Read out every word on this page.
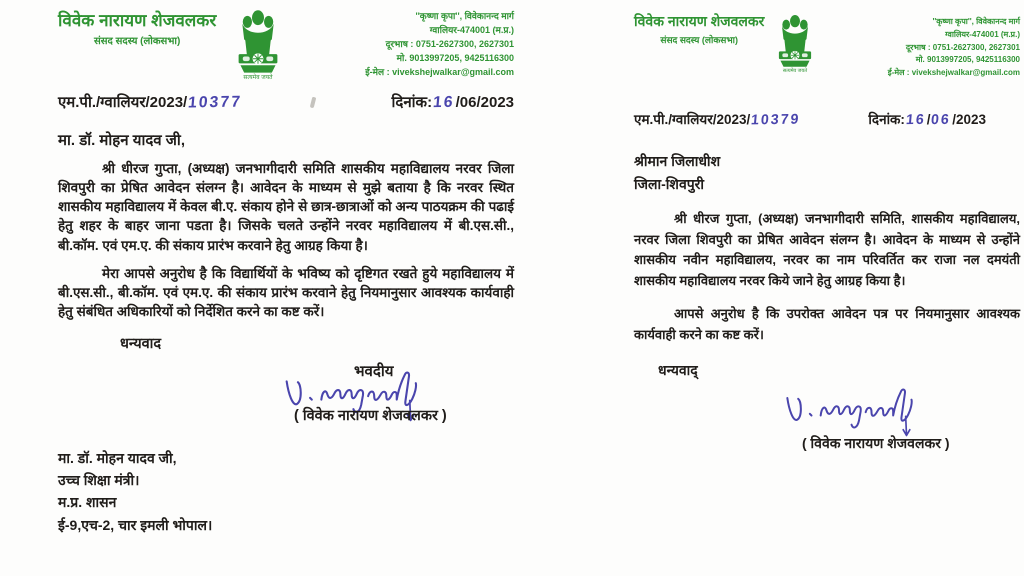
विवेक नारायण शेजवलकर
संसद सदस्य (लोकसभा)
सत्यमेव जयते
''कृष्णा कृपा'', विवेकानन्द मार्ग
ग्वालियर-474001 (म.प्र.)
दूरभाष : 0751-2627300, 2627301
मो. 9013997205, 9425116300
ई-मेल : vivekshejwalkar@gmail.com
एम.पी./ग्वालियर/2023/10377	दिनांक:16/06/2023
मा. डॉ. मोहन यादव जी,

श्री धीरज गुप्ता, (अध्यक्ष) जनभागीदारी समिति शासकीय महाविद्यालय नरवर जिला शिवपुरी का प्रेषित आवेदन संलग्न है। आवेदन के माध्यम से मुझे बताया है कि नरवर स्थित शासकीय महाविद्यालय में केवल बी.ए. संकाय होने से छात्र-छात्राओं को अन्य पाठयक्रम की पढाई हेतु शहर के बाहर जाना पडता है। जिसके चलते उन्होंने नरवर महाविद्यालय में बी.एस.सी., बी.कॉम. एवं एम.ए. की संकाय प्रारंभ करवाने हेतु आग्रह किया है।

मेरा आपसे अनुरोध है कि विद्यार्थियों के भविष्य को दृष्टिगत रखते हुये महाविद्यालय में बी.एस.सी., बी.कॉम. एवं एम.ए. की संकाय प्रारंभ करवाने हेतु नियमानुसार आवश्यक कार्यवाही हेतु संबंधित अधिकारियों को निर्देशित करने का कष्ट करें।

धन्यवाद
भवदीय
( विवेक नारायण शेजवलकर )
मा. डॉ. मोहन यादव जी,
उच्च शिक्षा मंत्री।
म.प्र. शासन
ई-9,एच-2, चार इमली भोपाल।
विवेक नारायण शेजवलकर
संसद सदस्य (लोकसभा)
सत्यमेव जयते
''कृष्णा कृपा'', विवेकानन्द मार्ग
ग्वालियर-474001 (म.प्र.)
दूरभाष : 0751-2627300, 2627301
मो. 9013997205, 9425116300
ई-मेल : vivekshejwalkar@gmail.com
एम.पी./ग्वालियर/2023/10379	दिनांक:16/06/2023
श्रीमान जिलाधीश
जिला-शिवपुरी

श्री धीरज गुप्ता, (अध्यक्ष) जनभागीदारी समिति, शासकीय महाविद्यालय, नरवर जिला शिवपुरी का प्रेषित आवेदन संलग्न है। आवेदन के माध्यम से उन्होंने शासकीय नवीन महाविद्यालय, नरवर का नाम परिवर्तित कर राजा नल दमयंती शासकीय महाविद्यालय नरवर किये जाने हेतु आग्रह किया है।

आपसे अनुरोध है कि उपरोक्त आवेदन पत्र पर नियमानुसार आवश्यक कार्यवाही करने का कष्ट करें।

धन्यवाद्
( विवेक नारायण शेजवलकर )
